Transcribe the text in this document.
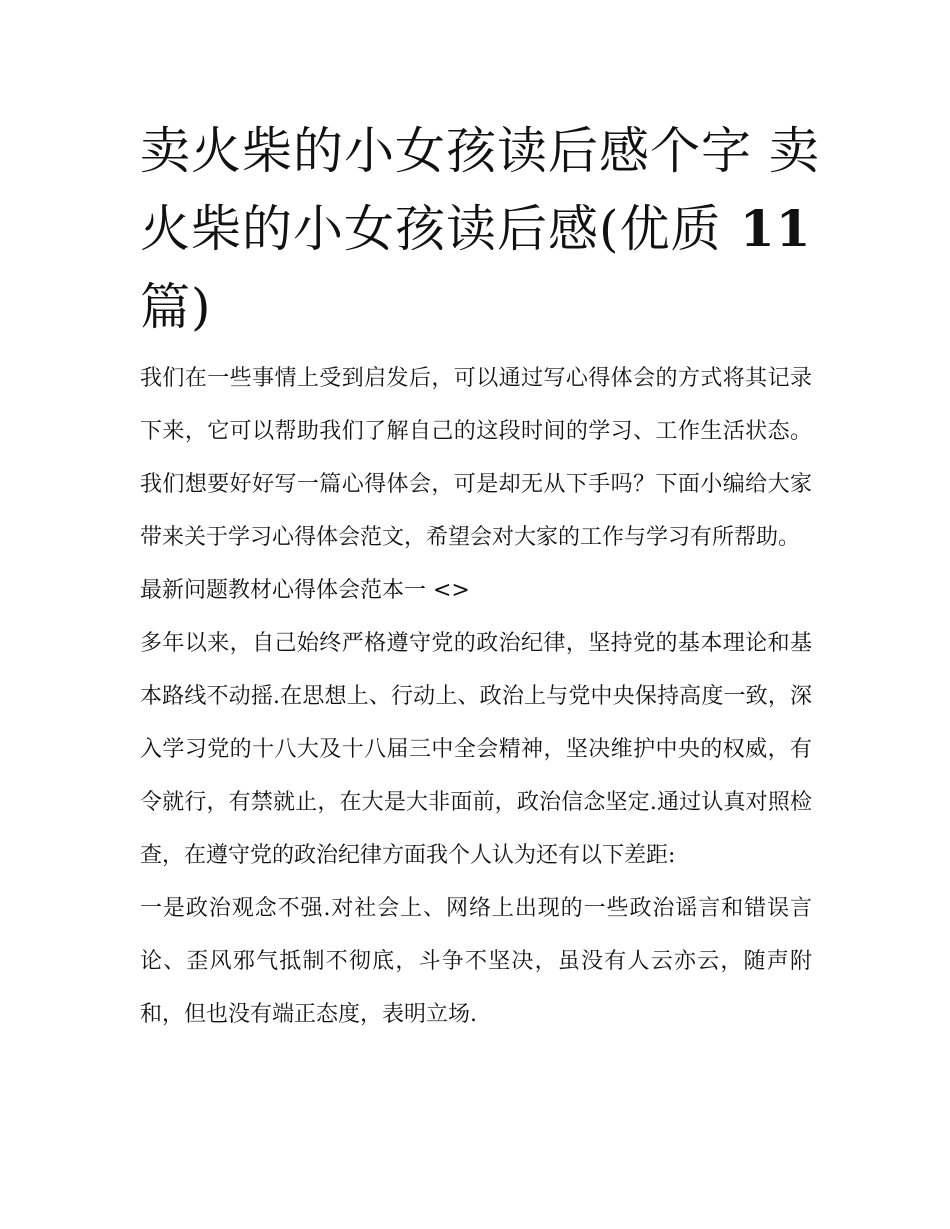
卖火柴的小女孩读后感个字 卖火柴的小女孩读后感(优质 11 篇)

我们在一些事情上受到启发后，可以通过写心得体会的方式将其记录下来，它可以帮助我们了解自己的这段时间的学习、工作生活状态。我们想要好好写一篇心得体会，可是却无从下手吗？下面小编给大家带来关于学习心得体会范文，希望会对大家的工作与学习有所帮助。

最新问题教材心得体会范本一 <>

多年以来，自己始终严格遵守党的政治纪律，坚持党的基本理论和基本路线不动摇.在思想上、行动上、政治上与党中央保持高度一致，深入学习党的十八大及十八届三中全会精神，坚决维护中央的权威，有令就行，有禁就止，在大是大非面前，政治信念坚定.通过认真对照检查，在遵守党的政治纪律方面我个人认为还有以下差距:

一是政治观念不强.对社会上、网络上出现的一些政治谣言和错误言论、歪风邪气抵制不彻底，斗争不坚决，虽没有人云亦云，随声附和，但也没有端正态度，表明立场.
